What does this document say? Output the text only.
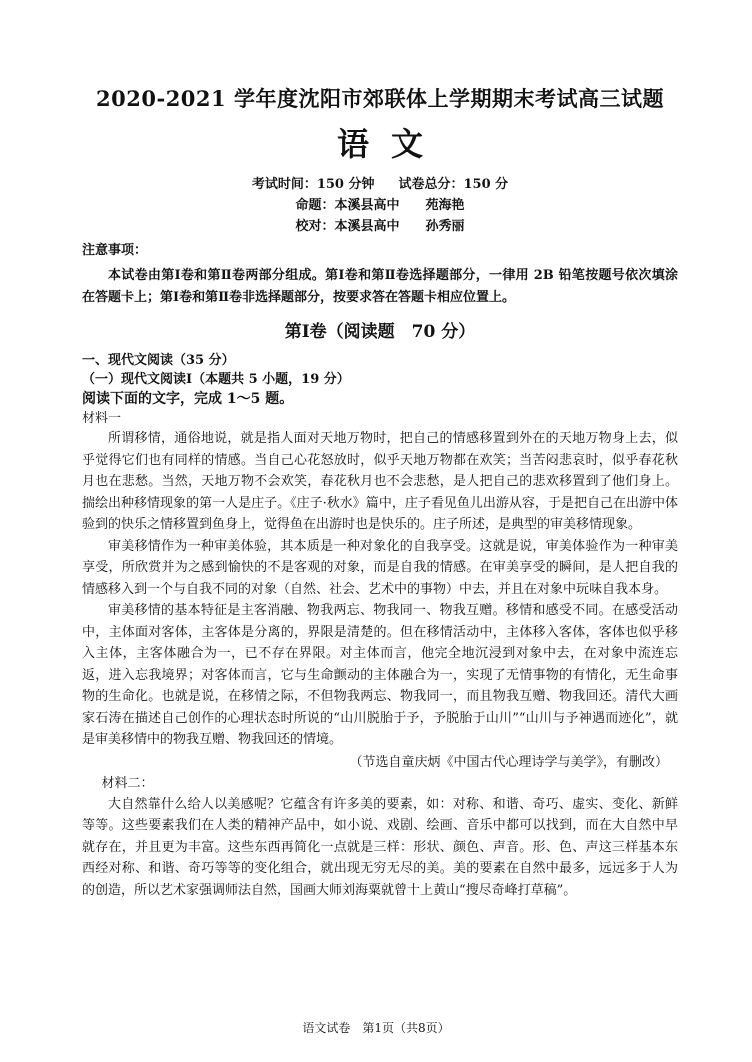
2020-2021 学年度沈阳市郊联体上学期期末考试高三试题
语文
考试时间：150 分钟 试卷总分：150 分
命题：本溪县高中　　苑海艳
校对：本溪县高中　　孙秀丽
注意事项：

本试卷由第Ⅰ卷和第Ⅱ卷两部分组成。第Ⅰ卷和第Ⅱ卷选择题部分，一律用 2B 铅笔按题号依次填涂在答题卡上；第Ⅰ卷和第Ⅱ卷非选择题部分，按要求答在答题卡相应位置上。

第Ⅰ卷（阅读题　70 分）
一、现代文阅读（35 分）
（一）现代文阅读Ⅰ（本题共 5 小题，19 分）
阅读下面的文字，完成 1～5 题。
材料一

所谓移情，通俗地说，就是指人面对天地万物时，把自己的情感移置到外在的天地万物身上去，似乎觉得它们也有同样的情感。当自己心花怒放时，似乎天地万物都在欢笑；当苦闷悲哀时，似乎春花秋月也在悲愁。当然，天地万物不会欢笑，春花秋月也不会悲愁，是人把自己的悲欢移置到了他们身上。揣绘出种移情现象的第一人是庄子。《庄子·秋水》篇中，庄子看见鱼儿出游从容，于是把自己在出游中体验到的快乐之情移置到鱼身上，觉得鱼在出游时也是快乐的。庄子所述，是典型的审美移情现象。

审美移情作为一种审美体验，其本质是一种对象化的自我享受。这就是说，审美体验作为一种审美享受，所欣赏并为之感到愉快的不是客观的对象，而是自我的情感。在审美享受的瞬间，是人把自我的情感移入到一个与自我不同的对象（自然、社会、艺术中的事物）中去，并且在对象中玩味自我本身。

审美移情的基本特征是主客消融、物我两忘、物我同一、物我互赠。移情和感受不同。在感受活动中，主体面对客体，主客体是分离的，界限是清楚的。但在移情活动中，主体移入客体，客体也似乎移入主体，主客体融合为一，已不存在界限。对主体而言，他完全地沉浸到对象中去，在对象中流连忘返，进入忘我境界；对客体而言，它与生命颤动的主体融合为一，实现了无情事物的有情化，无生命事物的生命化。也就是说，在移情之际，不但物我两忘、物我同一，而且物我互赠、物我回还。清代大画家石涛在描述自己创作的心理状态时所说的“山川脱胎于予，予脱胎于山川”“山川与予神遇而迹化”，就是审美移情中的物我互赠、物我回还的情境。

（节选自童庆炳《中国古代心理诗学与美学》，有删改）
材料二：

大自然靠什么给人以美感呢？它蕴含有许多美的要素，如：对称、和谐、奇巧、虚实、变化、新鲜等等。这些要素我们在人类的精神产品中，如小说、戏剧、绘画、音乐中都可以找到，而在大自然中早就存在，并且更为丰富。这些东西再简化一点就是三样：形状、颜色、声音。形、色、声这三样基本东西经对称、和谐、奇巧等等的变化组合，就出现无穷无尽的美。美的要素在自然中最多，远远多于人为的创造，所以艺术家强调师法自然，国画大师刘海粟就曾十上黄山“搜尽奇峰打草稿”。

语文试卷　第1页（共8页）
